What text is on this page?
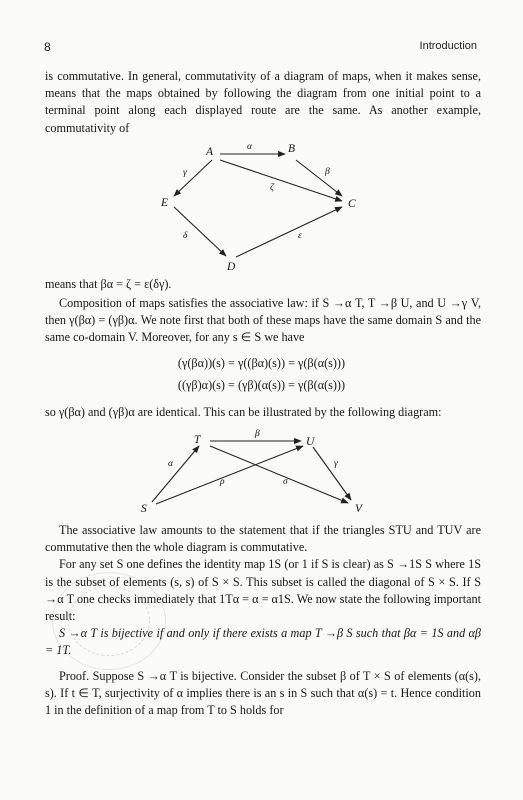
8	Introduction

is commutative. In general, commutativity of a diagram of maps, when it makes sense, means that the maps obtained by following the diagram from one initial point to a terminal point along each displayed route are the same. As another example, commutativity of

A	B
C
D
E
α
β
γ
ζ
δ	ε
T	U
S	V
β
α	γ
ρ	σ

means that βα = ζ = ε(δγ).

Composition of maps satisfies the associative law: if S →α T, T →β U, and U →γ V, then γ(βα) = (γβ)α. We note first that both of these maps have the same domain S and the same co-domain V. Moreover, for any s ∈ S we have

(γ(βα))(s) = γ((βα)(s)) = γ(β(α(s)))
((γβ)α)(s) = (γβ)(α(s)) = γ(β(α(s)))

so γ(βα) and (γβ)α are identical. This can be illustrated by the following diagram:

The associative law amounts to the statement that if the triangles STU and TUV are commutative then the whole diagram is commutative.

For any set S one defines the identity map 1S (or 1 if S is clear) as S →1S S where 1S is the subset of elements (s, s) of S × S. This subset is called the diagonal of S × S. If S →α T one checks immediately that 1Tα = α = α1S. We now state the following important result:

S →α T is bijective if and only if there exists a map T →β S such that βα = 1S and αβ = 1T.

Proof. Suppose S →α T is bijective. Consider the subset β of T × S of elements (α(s), s). If t ∈ T, surjectivity of α implies there is an s in S such that α(s) = t. Hence condition 1 in the definition of a map from T to S holds for
